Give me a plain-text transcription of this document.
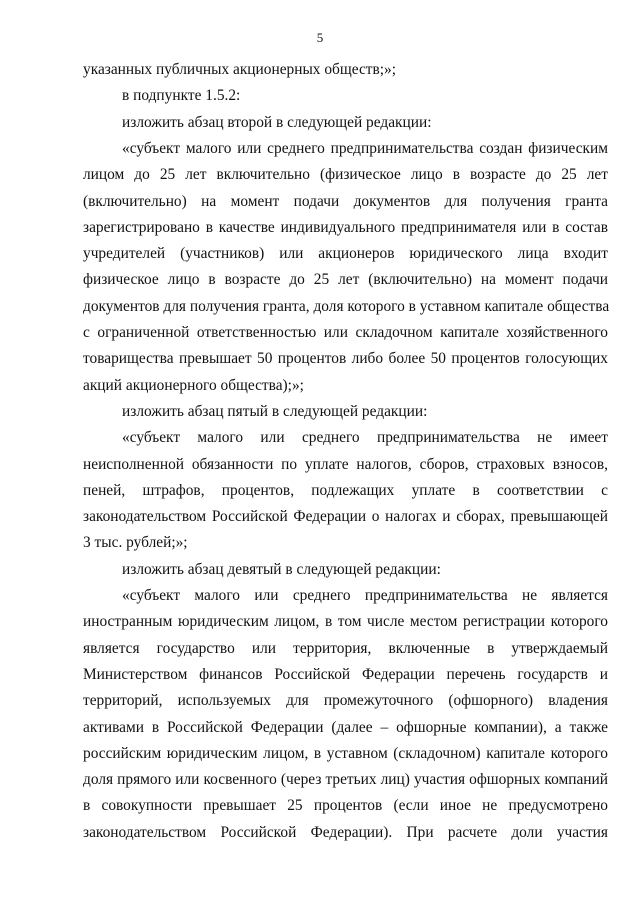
5
указанных публичных акционерных обществ;»;
в подпункте 1.5.2:
изложить абзац второй в следующей редакции:
«субъект малого или среднего предпринимательства создан физическим
лицом до 25 лет включительно (физическое лицо в возрасте до 25 лет
(включительно) на момент подачи документов для получения гранта
зарегистрировано в качестве индивидуального предпринимателя или в состав
учредителей (участников) или акционеров юридического лица входит
физическое лицо в возрасте до 25 лет (включительно) на момент подачи
документов для получения гранта, доля которого в уставном капитале общества
с ограниченной ответственностью или складочном капитале хозяйственного
товарищества превышает 50 процентов либо более 50 процентов голосующих
акций акционерного общества);»;
изложить абзац пятый в следующей редакции:
«субъект малого или среднего предпринимательства не имеет
неисполненной обязанности по уплате налогов, сборов, страховых взносов,
пеней, штрафов, процентов, подлежащих уплате в соответствии с
законодательством Российской Федерации о налогах и сборах, превышающей
3 тыс. рублей;»;
изложить абзац девятый в следующей редакции:
«субъект малого или среднего предпринимательства не является
иностранным юридическим лицом, в том числе местом регистрации которого
является государство или территория, включенные в утверждаемый
Министерством финансов Российской Федерации перечень государств и
территорий, используемых для промежуточного (офшорного) владения
активами в Российской Федерации (далее – офшорные компании), а также
российским юридическим лицом, в уставном (складочном) капитале которого
доля прямого или косвенного (через третьих лиц) участия офшорных компаний
в совокупности превышает 25 процентов (если иное не предусмотрено
законодательством Российской Федерации). При расчете доли участия
